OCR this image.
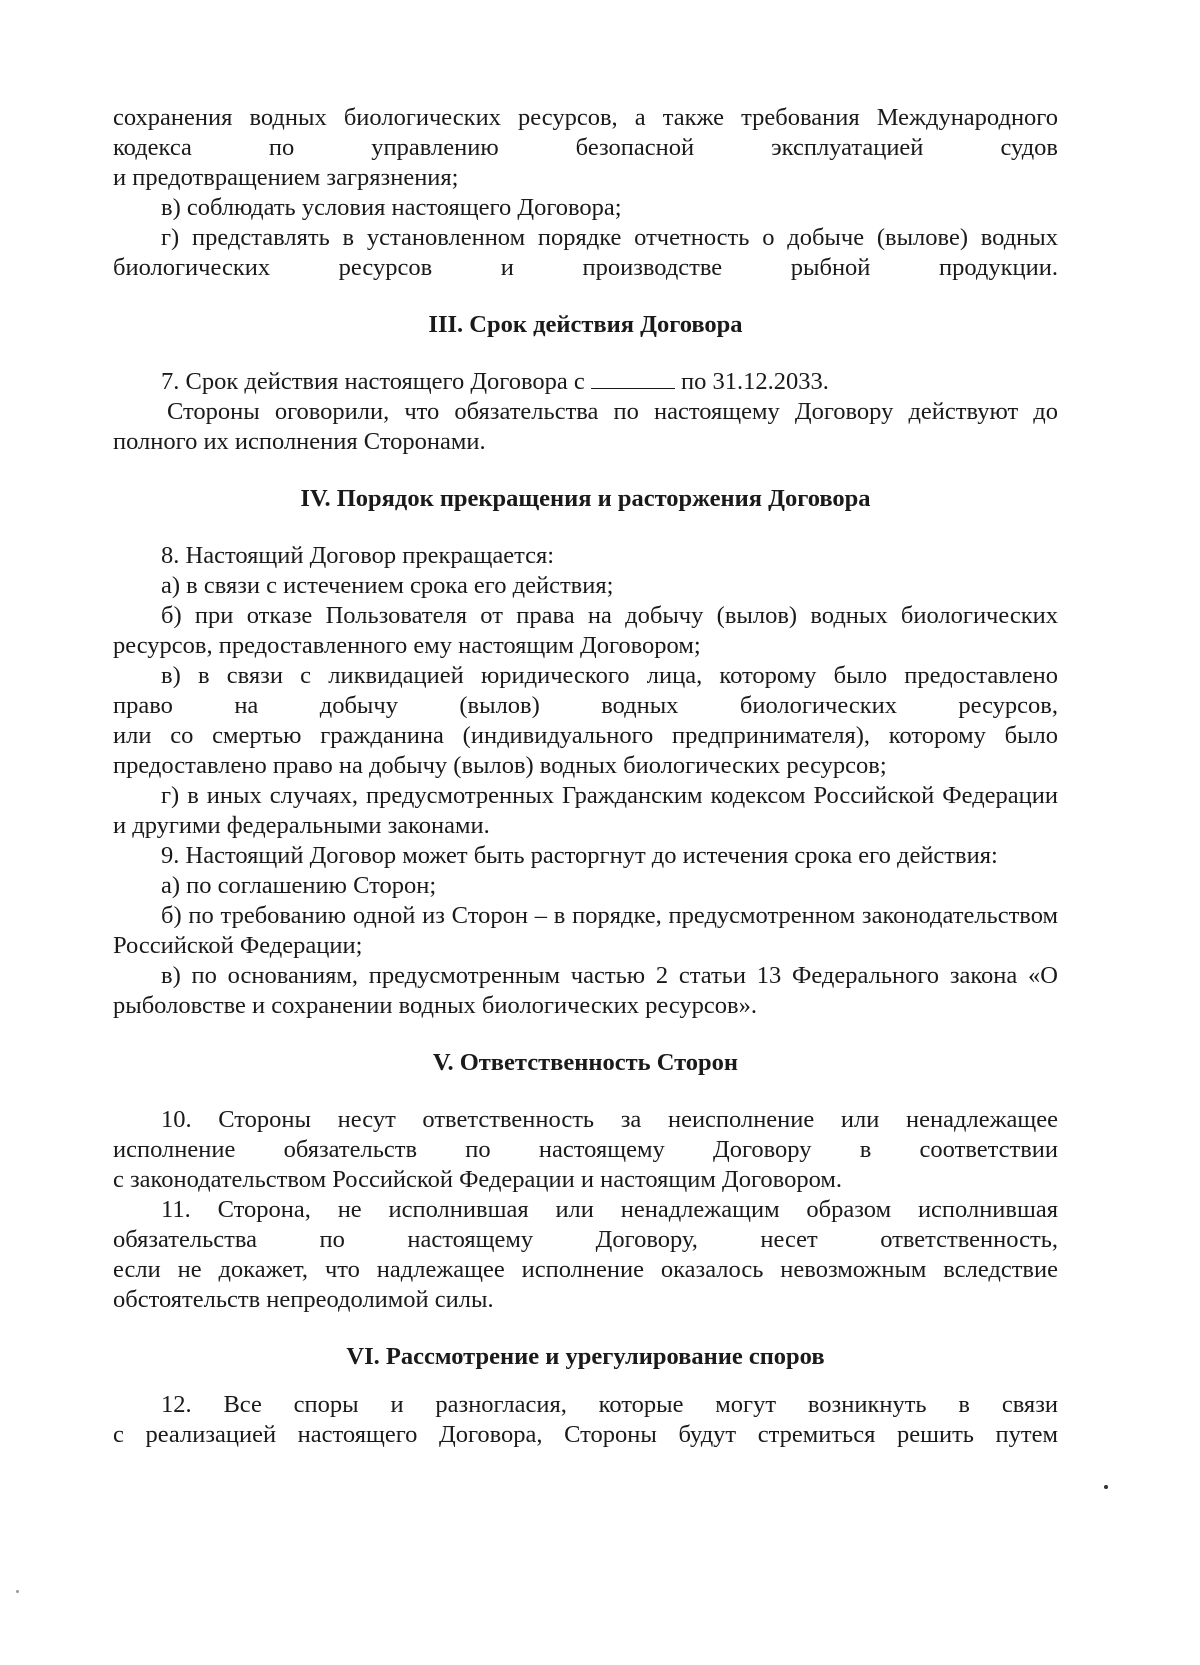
сохранения водных биологических ресурсов, а также требования Международного

кодекса по управлению безопасной эксплуатацией судов

и предотвращением загрязнения;

в) соблюдать условия настоящего Договора;

г) представлять в установленном порядке отчетность о добыче (вылове) водных биологических ресурсов и производстве рыбной продукции.

III. Срок действия Договора

7. Срок действия настоящего Договора с	по 31.12.2033.

Стороны оговорили, что обязательства по настоящему Договору действуют до полного их исполнения Сторонами.

IV. Порядок прекращения и расторжения Договора

8. Настоящий Договор прекращается:

а) в связи с истечением срока его действия;

б) при отказе Пользователя от права на добычу (вылов) водных биологических ресурсов, предоставленного ему настоящим Договором;

в) в связи с ликвидацией юридического лица, которому было предоставлено

право на добычу (вылов) водных биологических ресурсов,

или со смертью гражданина (индивидуального предпринимателя), которому было предоставлено право на добычу (вылов) водных биологических ресурсов;

г) в иных случаях, предусмотренных Гражданским кодексом Российской Федерации и другими федеральными законами.

9. Настоящий Договор может быть расторгнут до истечения срока его действия:

а) по соглашению Сторон;

б) по требованию одной из Сторон – в порядке, предусмотренном законодательством Российской Федерации;

в) по основаниям, предусмотренным частью 2 статьи 13 Федерального закона «О рыболовстве и сохранении водных биологических ресурсов».

V. Ответственность Сторон

10. Стороны несут ответственность за неисполнение или ненадлежащее

исполнение обязательств по настоящему Договору в соответствии

с законодательством Российской Федерации и настоящим Договором.

11. Сторона, не исполнившая или ненадлежащим образом исполнившая

обязательства по настоящему Договору, несет ответственность,

если не докажет, что надлежащее исполнение оказалось невозможным вследствие обстоятельств непреодолимой силы.

VI. Рассмотрение и урегулирование споров

12. Все споры и разногласия, которые могут возникнуть в связи

с реализацией настоящего Договора, Стороны будут стремиться решить путем
